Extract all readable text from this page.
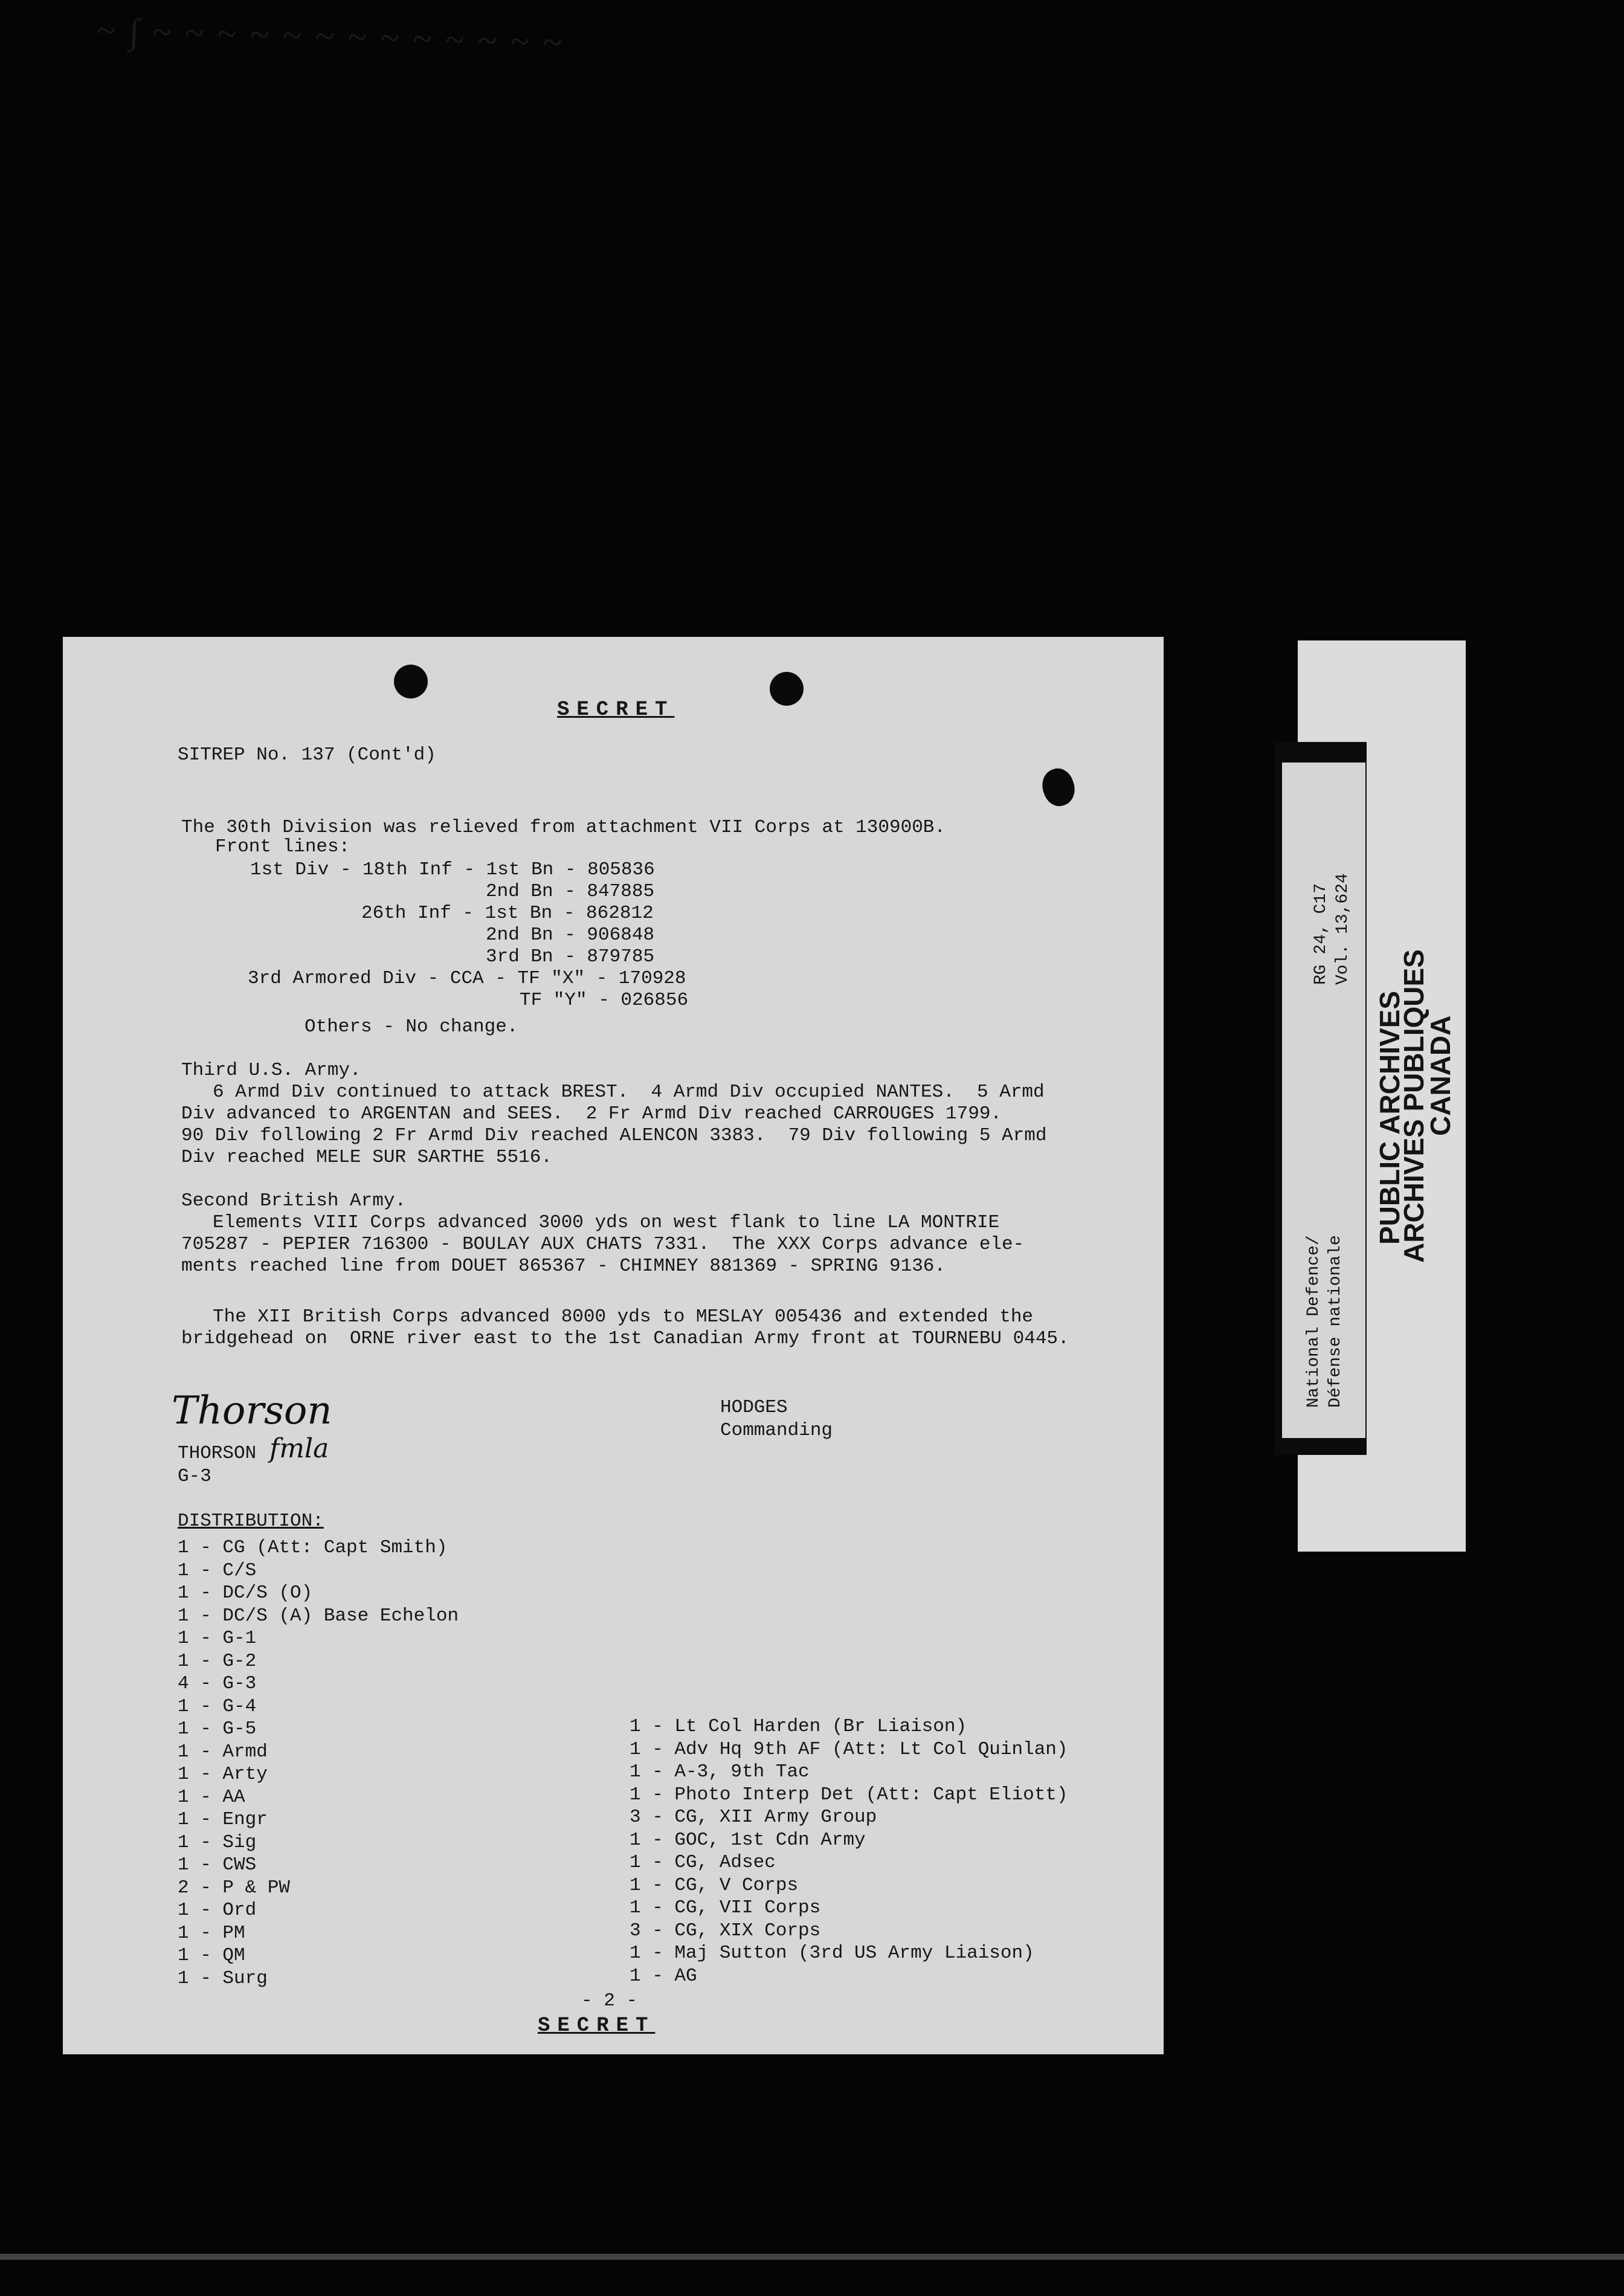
~ ∫ ~ ~ ~ ~ ~ ~ ~ ~ ~ ~ ~ ~ ~
SECRET
SITREP No. 137 (Cont'd)
The 30th Division was relieved from attachment VII Corps at 130900B.
Front lines:
1st Div - 18th Inf - 1st Bn - 805836
2nd Bn - 847885
26th Inf - 1st Bn - 862812
2nd Bn - 906848
3rd Bn - 879785
3rd Armored Div - CCA - TF "X" - 170928
TF "Y" - 026856
Others - No change.
Third U.S. Army.
6 Armd Div continued to attack BREST.  4 Armd Div occupied NANTES.  5 Armd
Div advanced to ARGENTAN and SEES.  2 Fr Armd Div reached CARROUGES 1799.
90 Div following 2 Fr Armd Div reached ALENCON 3383.  79 Div following 5 Armd
Div reached MELE SUR SARTHE 5516.
Second British Army.
Elements VIII Corps advanced 3000 yds on west flank to line LA MONTRIE
705287 - PEPIER 716300 - BOULAY AUX CHATS 7331.  The XXX Corps advance ele-
ments reached line from DOUET 865367 - CHIMNEY 881369 - SPRING 9136.
The XII British Corps advanced 8000 yds to MESLAY 005436 and extended the
bridgehead on  ORNE river east to the 1st Canadian Army front at TOURNEBU 0445.
Thorson
fmla
THORSON
G-3
HODGES
Commanding
DISTRIBUTION:
1 - CG (Att: Capt Smith)
1 - C/S
1 - DC/S (O)
1 - DC/S (A) Base Echelon
1 - G-1
1 - G-2
4 - G-3
1 - G-4
1 - G-5
1 - Armd
1 - Arty
1 - AA
1 - Engr
1 - Sig
1 - CWS
2 - P & PW
1 - Ord
1 - PM
1 - QM
1 - Surg
1 - Lt Col Harden (Br Liaison)
1 - Adv Hq 9th AF (Att: Lt Col Quinlan)
1 - A-3, 9th Tac
1 - Photo Interp Det (Att: Capt Eliott)
3 - CG, XII Army Group
1 - GOC, 1st Cdn Army
1 - CG, Adsec
1 - CG, V Corps
1 - CG, VII Corps
3 - CG, XIX Corps
1 - Maj Sutton (3rd US Army Liaison)
1 - AG
- 2 -
SECRET
PUBLIC ARCHIVES
ARCHIVES PUBLIQUES
CANADA
National Defence/ Défense nationale
RG 24, C17 Vol. 13,624
